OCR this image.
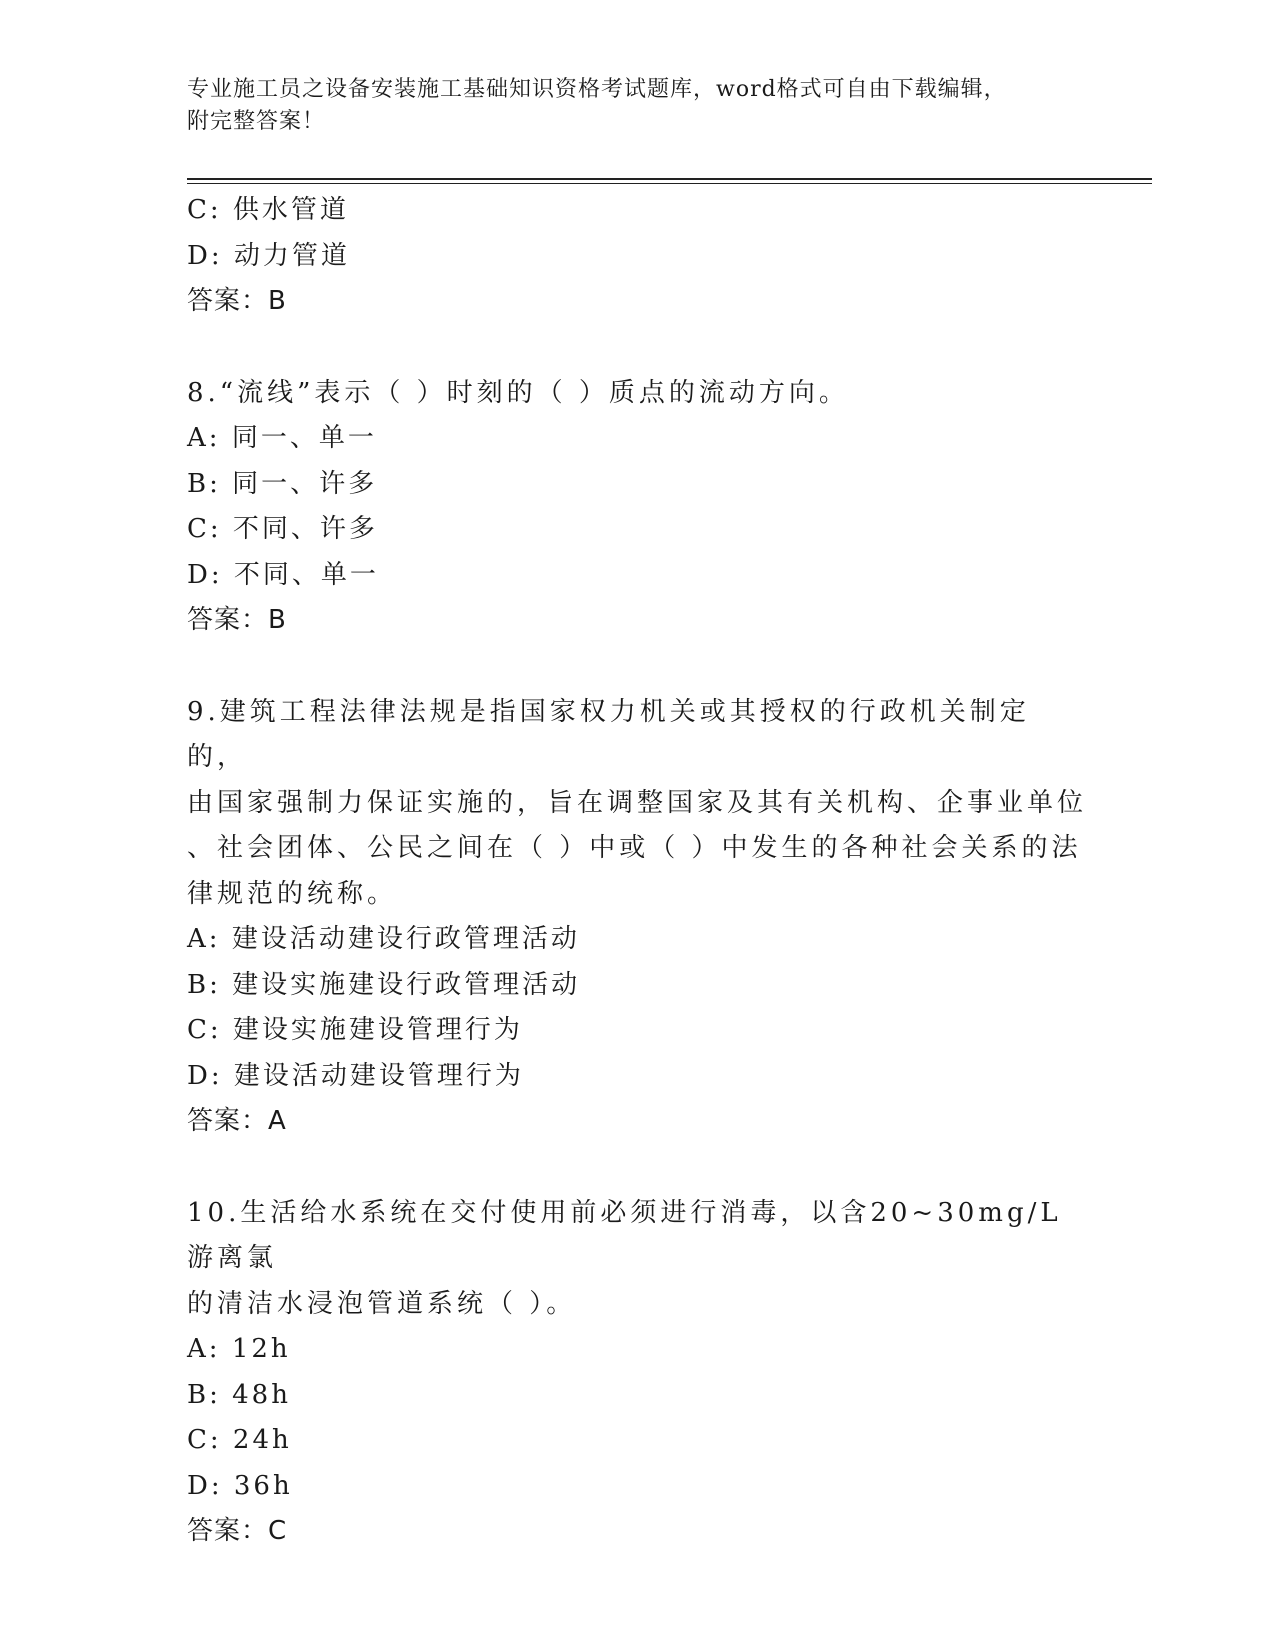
专业施工员之设备安装施工基础知识资格考试题库，word格式可自由下载编辑，
附完整答案！
C: 供水管道
D: 动力管道
答案：B
8.“流线”表示（ ）时刻的（ ）质点的流动方向。
A: 同一、单一
B: 同一、许多
C: 不同、许多
D: 不同、单一
答案：B
9.建筑工程法律法规是指国家权力机关或其授权的行政机关制定的，
由国家强制力保证实施的，旨在调整国家及其有关机构、企事业单位
、社会团体、公民之间在（ ）中或（ ）中发生的各种社会关系的法
律规范的统称。
A: 建设活动建设行政管理活动
B: 建设实施建设行政管理活动
C: 建设实施建设管理行为
D: 建设活动建设管理行为
答案：A
10.生活给水系统在交付使用前必须进行消毒，以含20~30mg/L游离氯
的清洁水浸泡管道系统（ ）。
A: 12h
B: 48h
C: 24h
D: 36h
答案：C
